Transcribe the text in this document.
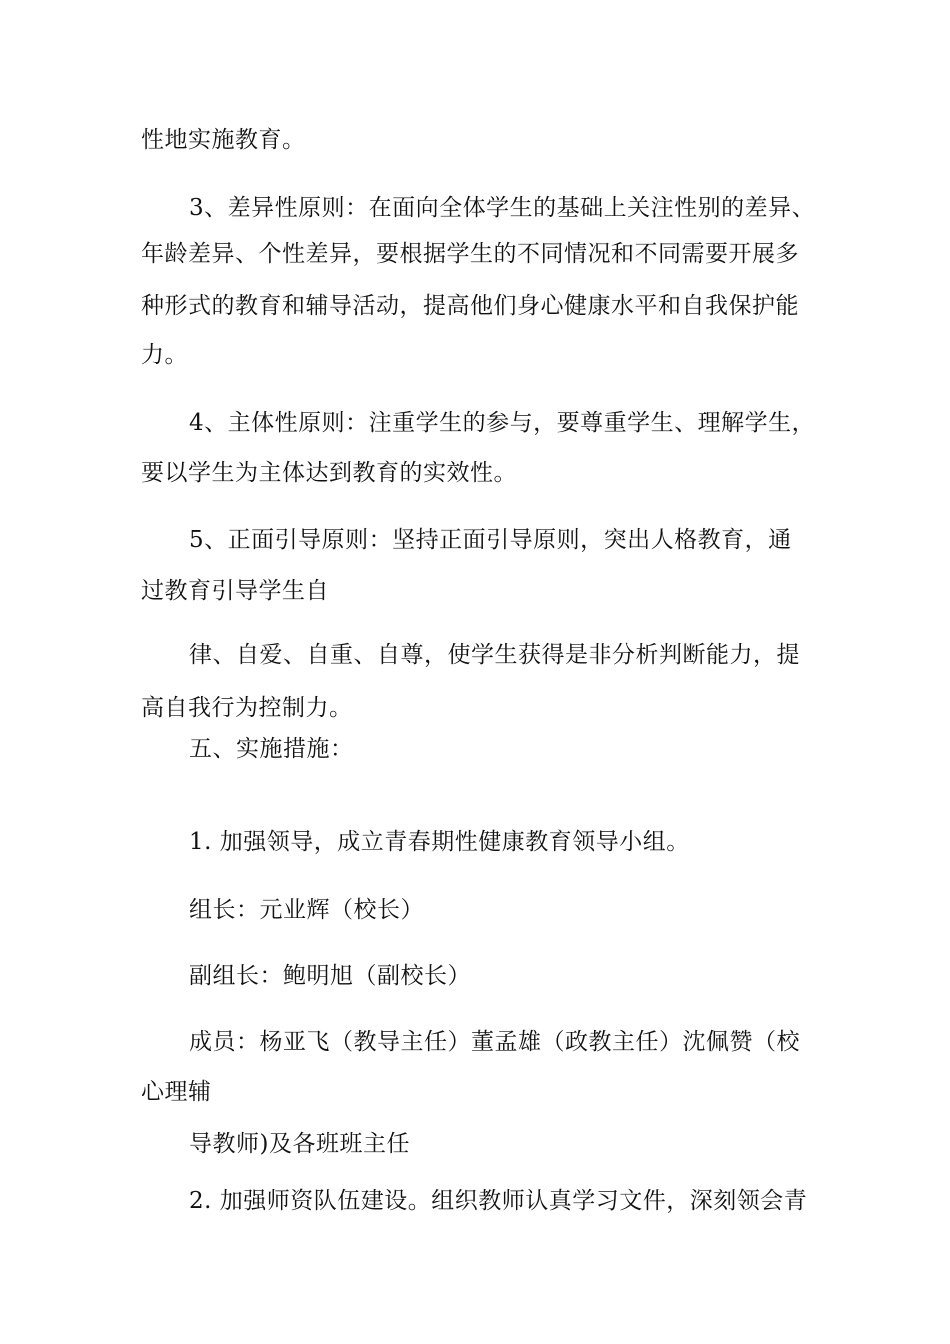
性地实施教育。
3、差异性原则：在面向全体学生的基础上关注性别的差异、
年龄差异、个性差异，要根据学生的不同情况和不同需要开展多
种形式的教育和辅导活动，提高他们身心健康水平和自我保护能
力。
4、主体性原则：注重学生的参与，要尊重学生、理解学生，
要以学生为主体达到教育的实效性。
5、正面引导原则：坚持正面引导原则，突出人格教育，通
过教育引导学生自
律、自爱、自重、自尊，使学生获得是非分析判断能力，提
高自我行为控制力。
五、实施措施：
1. 加强领导，成立青春期性健康教育领导小组。
组长：元业辉（校长）
副组长：鲍明旭（副校长）
成员：杨亚飞（教导主任）董孟雄（政教主任）沈佩赞（校
心理辅
导教师)及各班班主任
2. 加强师资队伍建设。组织教师认真学习文件，深刻领会青
